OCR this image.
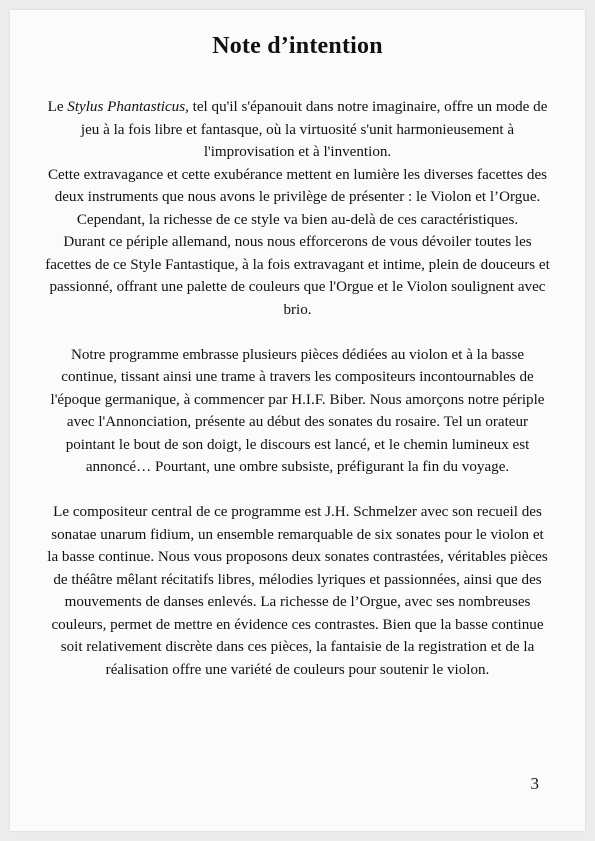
Note d’intention

Le Stylus Phantasticus, tel qu'il s'épanouit dans notre imaginaire, offre un mode de jeu à la fois libre et fantasque, où la virtuosité s'unit harmonieusement à l'improvisation et à l'invention.

Cette extravagance et cette exubérance mettent en lumière les diverses facettes des deux instruments que nous avons le privilège de présenter : le Violon et l’Orgue. Cependant, la richesse de ce style va bien au-delà de ces caractéristiques.

Durant ce périple allemand, nous nous efforcerons de vous dévoiler toutes les facettes de ce Style Fantastique, à la fois extravagant et intime, plein de douceurs et passionné, offrant une palette de couleurs que l'Orgue et le Violon soulignent avec brio.

Notre programme embrasse plusieurs pièces dédiées au violon et à la basse continue, tissant ainsi une trame à travers les compositeurs incontournables de l'époque germanique, à commencer par H.I.F. Biber. Nous amorçons notre périple avec l'Annonciation, présente au début des sonates du rosaire. Tel un orateur pointant le bout de son doigt, le discours est lancé, et le chemin lumineux est annoncé… Pourtant, une ombre subsiste, préfigurant la fin du voyage.

Le compositeur central de ce programme est J.H. Schmelzer avec son recueil des sonatae unarum fidium, un ensemble remarquable de six sonates pour le violon et la basse continue. Nous vous proposons deux sonates contrastées, véritables pièces de théâtre mêlant récitatifs libres, mélodies lyriques et passionnées, ainsi que des mouvements de danses enlevés. La richesse de l’Orgue, avec ses nombreuses couleurs, permet de mettre en évidence ces contrastes. Bien que la basse continue soit relativement discrète dans ces pièces, la fantaisie de la registration et de la réalisation offre une variété de couleurs pour soutenir le violon.

3
